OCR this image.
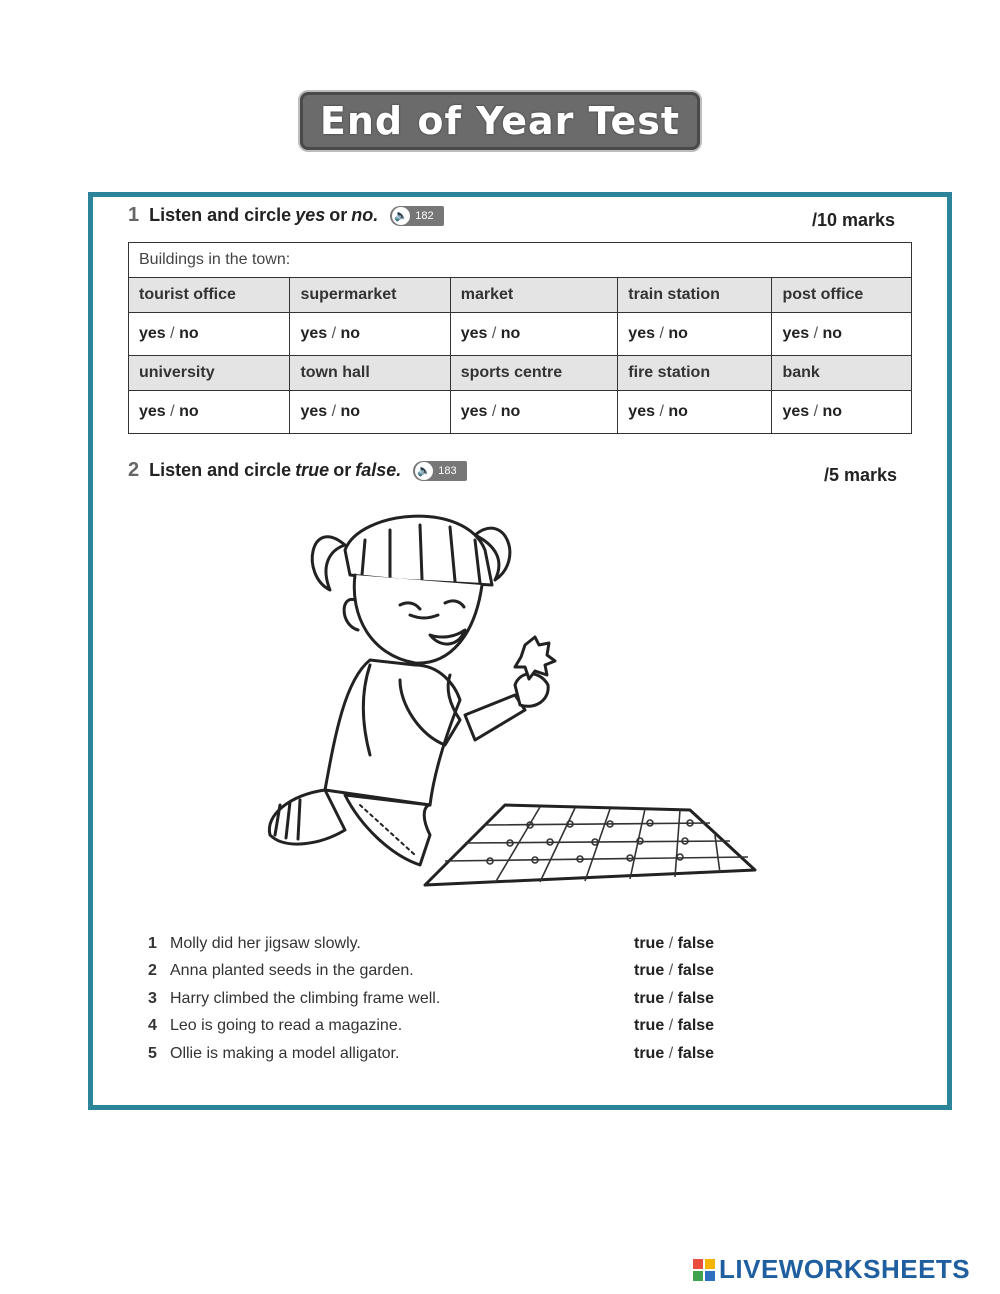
End of Year Test
1 Listen and circle yes or no. 🔈 182	/10 marks
Buildings in the town:				
tourist office	supermarket	market	train station	post office
yes / no	yes / no	yes / no	yes / no	yes / no
university	town hall	sports centre	fire station	bank
yes / no	yes / no	yes / no	yes / no	yes / no
2 Listen and circle true or false. 🔈 183	/5 marks
1 Molly did her jigsaw slowly.	true / false
2 Anna planted seeds in the garden.	true / false
3 Harry climbed the climbing frame well.	true / false
4 Leo is going to read a magazine.	true / false
5 Ollie is making a model alligator.	true / false
LIVEWORKSHEETS
